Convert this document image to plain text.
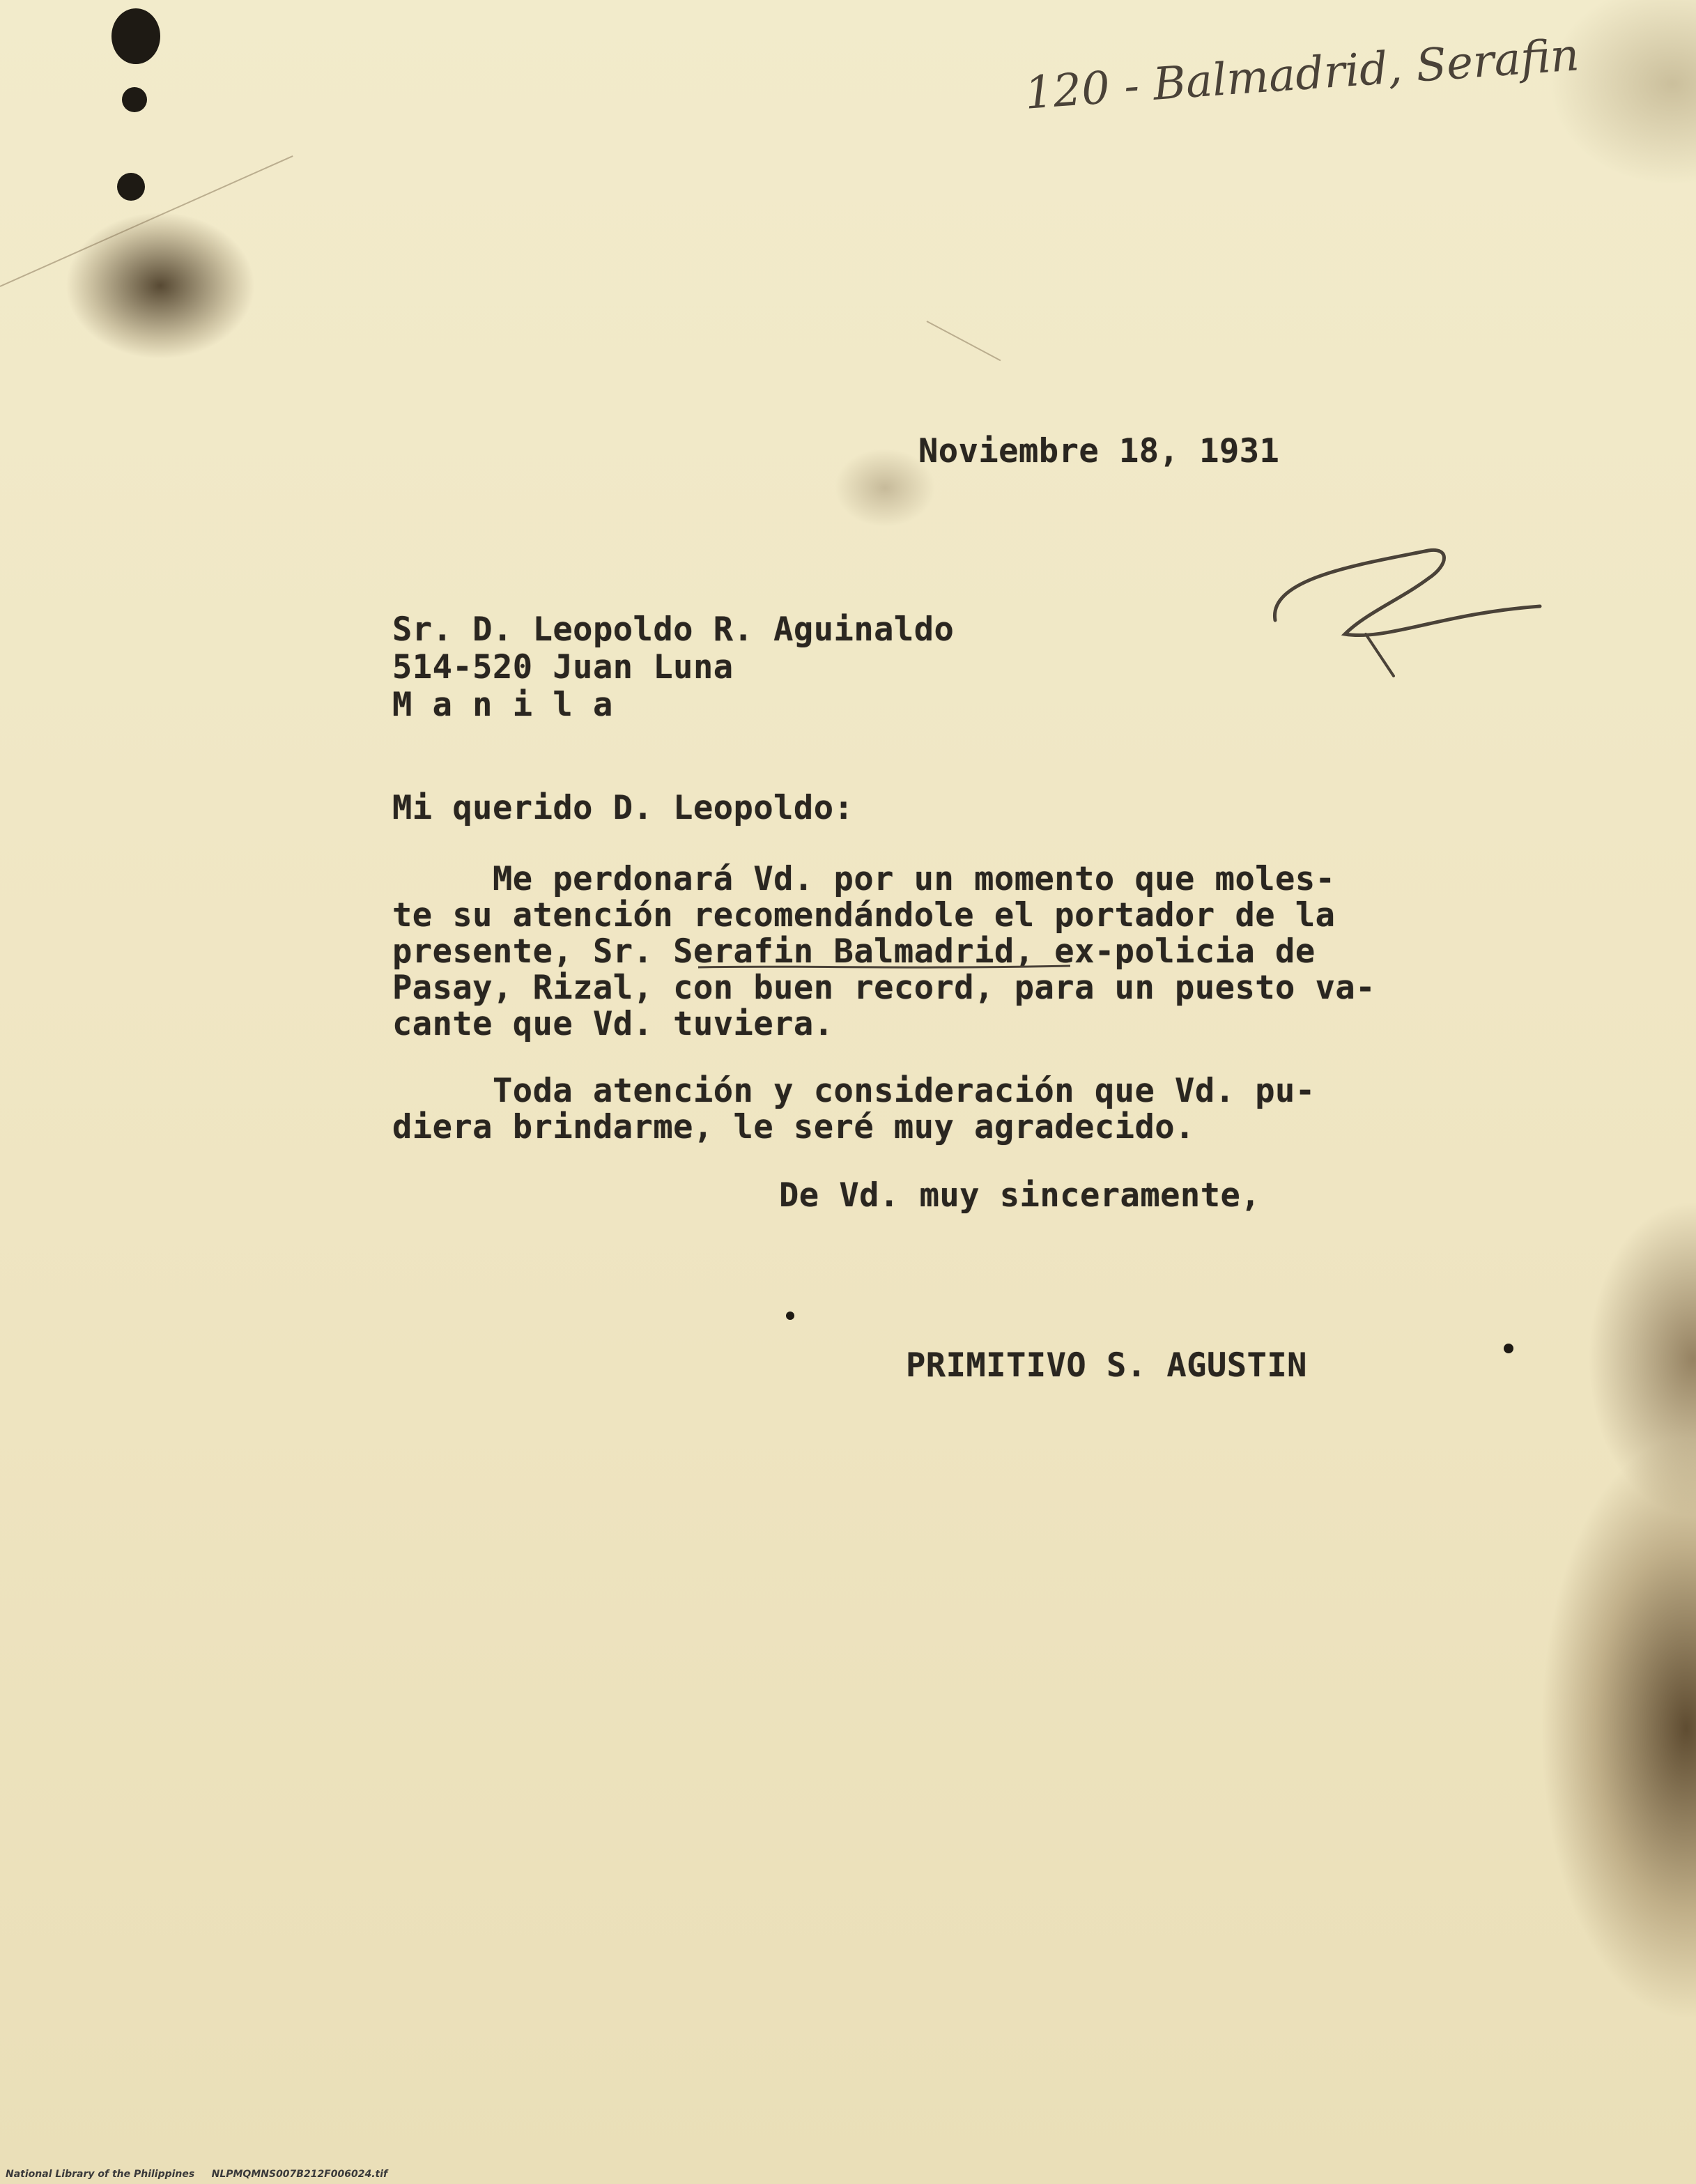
120 - Balmadrid, Serafin

Noviembre 18, 1931

Sr. D. Leopoldo R. Aguinaldo

514-520 Juan Luna

M a n i l a

Mi querido D. Leopoldo:

Me perdonará Vd. por un momento que moles-

te su atención recomendándole el portador de la

presente, Sr. Serafin Balmadrid, ex-policia de

Pasay, Rizal, con buen record, para un puesto va-

cante que Vd. tuviera.

Toda atención y consideración que Vd. pu-

diera brindarme, le seré muy agradecido.

De Vd. muy sinceramente,

PRIMITIVO S. AGUSTIN

National Library of the Philippines     NLPMQMNS007B212F006024.tif
